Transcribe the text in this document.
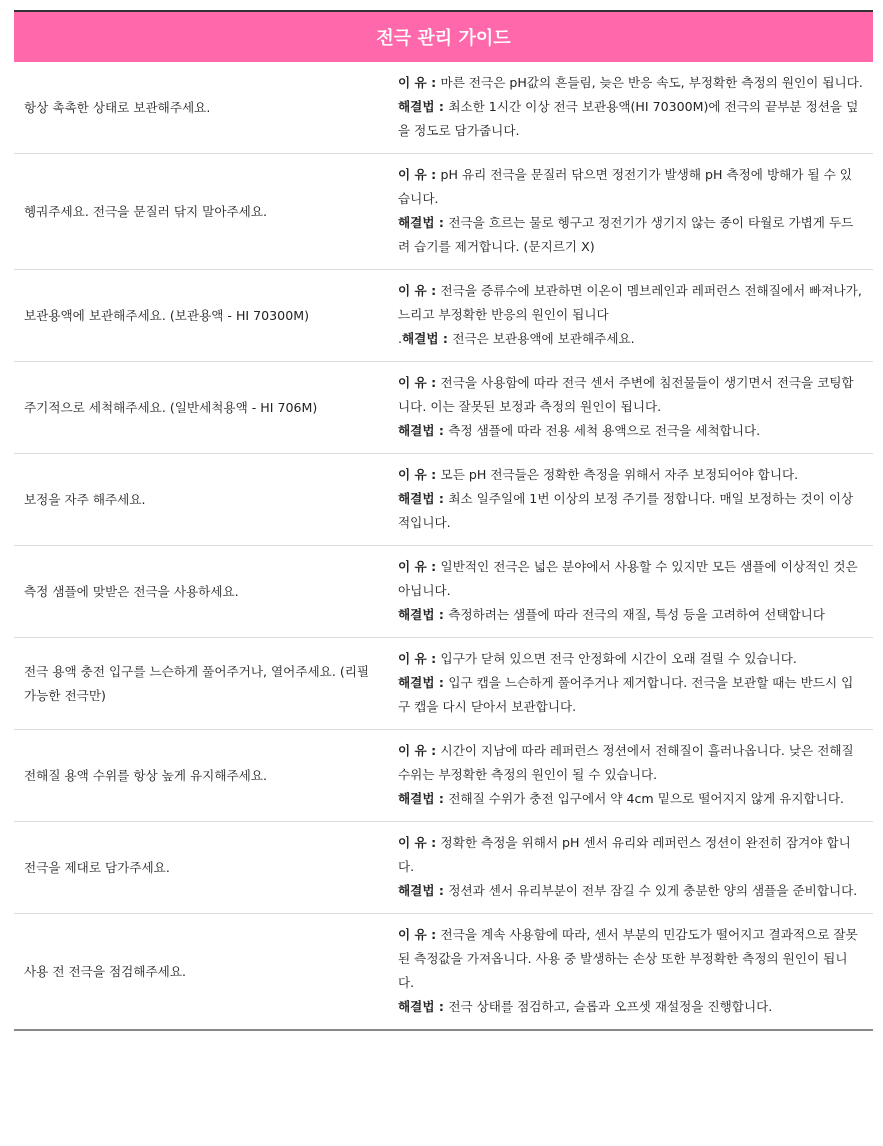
전극 관리 가이드
항상 촉촉한 상태로 보관해주세요.	이 유 : 마른 전극은 pH값의 흔들림, 늦은 반응 속도, 부정확한 측정의 원인이 됩니다.
해결법 : 최소한 1시간 이상 전극 보관용액(HI 70300M)에 전극의 끝부분 정션을 덮을 정도로 담가줍니다.

헹궈주세요. 전극을 문질러 닦지 말아주세요.	이 유 : pH 유리 전극을 문질러 닦으면 정전기가 발생해 pH 측정에 방해가 될 수 있습니다.
해결법 : 전극을 흐르는 물로 헹구고 정전기가 생기지 않는 종이 타월로 가볍게 두드려 습기를 제거합니다. (문지르기 X)

보관용액에 보관해주세요. (보관용액 - HI 70300M)	이 유 : 전극을 증류수에 보관하면 이온이 멤브레인과 레퍼런스 전해질에서 빠져나가, 느리고 부정확한 반응의 원인이 됩니다
.해결법 : 전극은 보관용액에 보관해주세요.

주기적으로 세척해주세요. (일반세척용액 - HI 706M)	이 유 : 전극을 사용함에 따라 전극 센서 주변에 침전물들이 생기면서 전극을 코팅합니다. 이는 잘못된 보정과 측정의 원인이 됩니다.
해결법 : 측정 샘플에 따라 전용 세척 용액으로 전극을 세척합니다.

보정을 자주 해주세요.	이 유 : 모든 pH 전극들은 정확한 측정을 위해서 자주 보정되어야 합니다.
해결법 : 최소 일주일에 1번 이상의 보정 주기를 정합니다. 매일 보정하는 것이 이상적입니다.

측정 샘플에 맞받은 전극을 사용하세요.	이 유 : 일반적인 전극은 넓은 분야에서 사용할 수 있지만 모든 샘플에 이상적인 것은 아닙니다.
해결법 : 측정하려는 샘플에 따라 전극의 재질, 특성 등을 고려하여 선택합니다

전극 용액 충전 입구를 느슨하게 풀어주거나, 열어주세요. (리필 가능한 전극만)	이 유 : 입구가 닫혀 있으면 전극 안정화에 시간이 오래 걸릴 수 있습니다.
해결법 : 입구 캡을 느슨하게 풀어주거나 제거합니다. 전극을 보관할 때는 반드시 입구 캡을 다시 닫아서 보관합니다.

전해질 용액 수위를 항상 높게 유지해주세요.	이 유 : 시간이 지남에 따라 레퍼런스 정션에서 전해질이 흘러나옵니다. 낮은 전해질 수위는 부정확한 측정의 원인이 될 수 있습니다.
해결법 : 전해질 수위가 충전 입구에서 약 4cm 밑으로 떨어지지 않게 유지합니다.

전극을 제대로 담가주세요.	이 유 : 정확한 측정을 위해서 pH 센서 유리와 레퍼런스 정션이 완전히 잠겨야 합니다.
해결법 : 정션과 센서 유리부분이 전부 잠길 수 있게 충분한 양의 샘플을 준비합니다.

사용 전 전극을 점검해주세요.	이 유 : 전극을 계속 사용함에 따라, 센서 부분의 민감도가 떨어지고 결과적으로 잘못된 측정값을 가져옵니다. 사용 중 발생하는 손상 또한 부정확한 측정의 원인이 됩니다.
해결법 : 전극 상태를 점검하고, 슬롭과 오프셋 재설정을 진행합니다.
